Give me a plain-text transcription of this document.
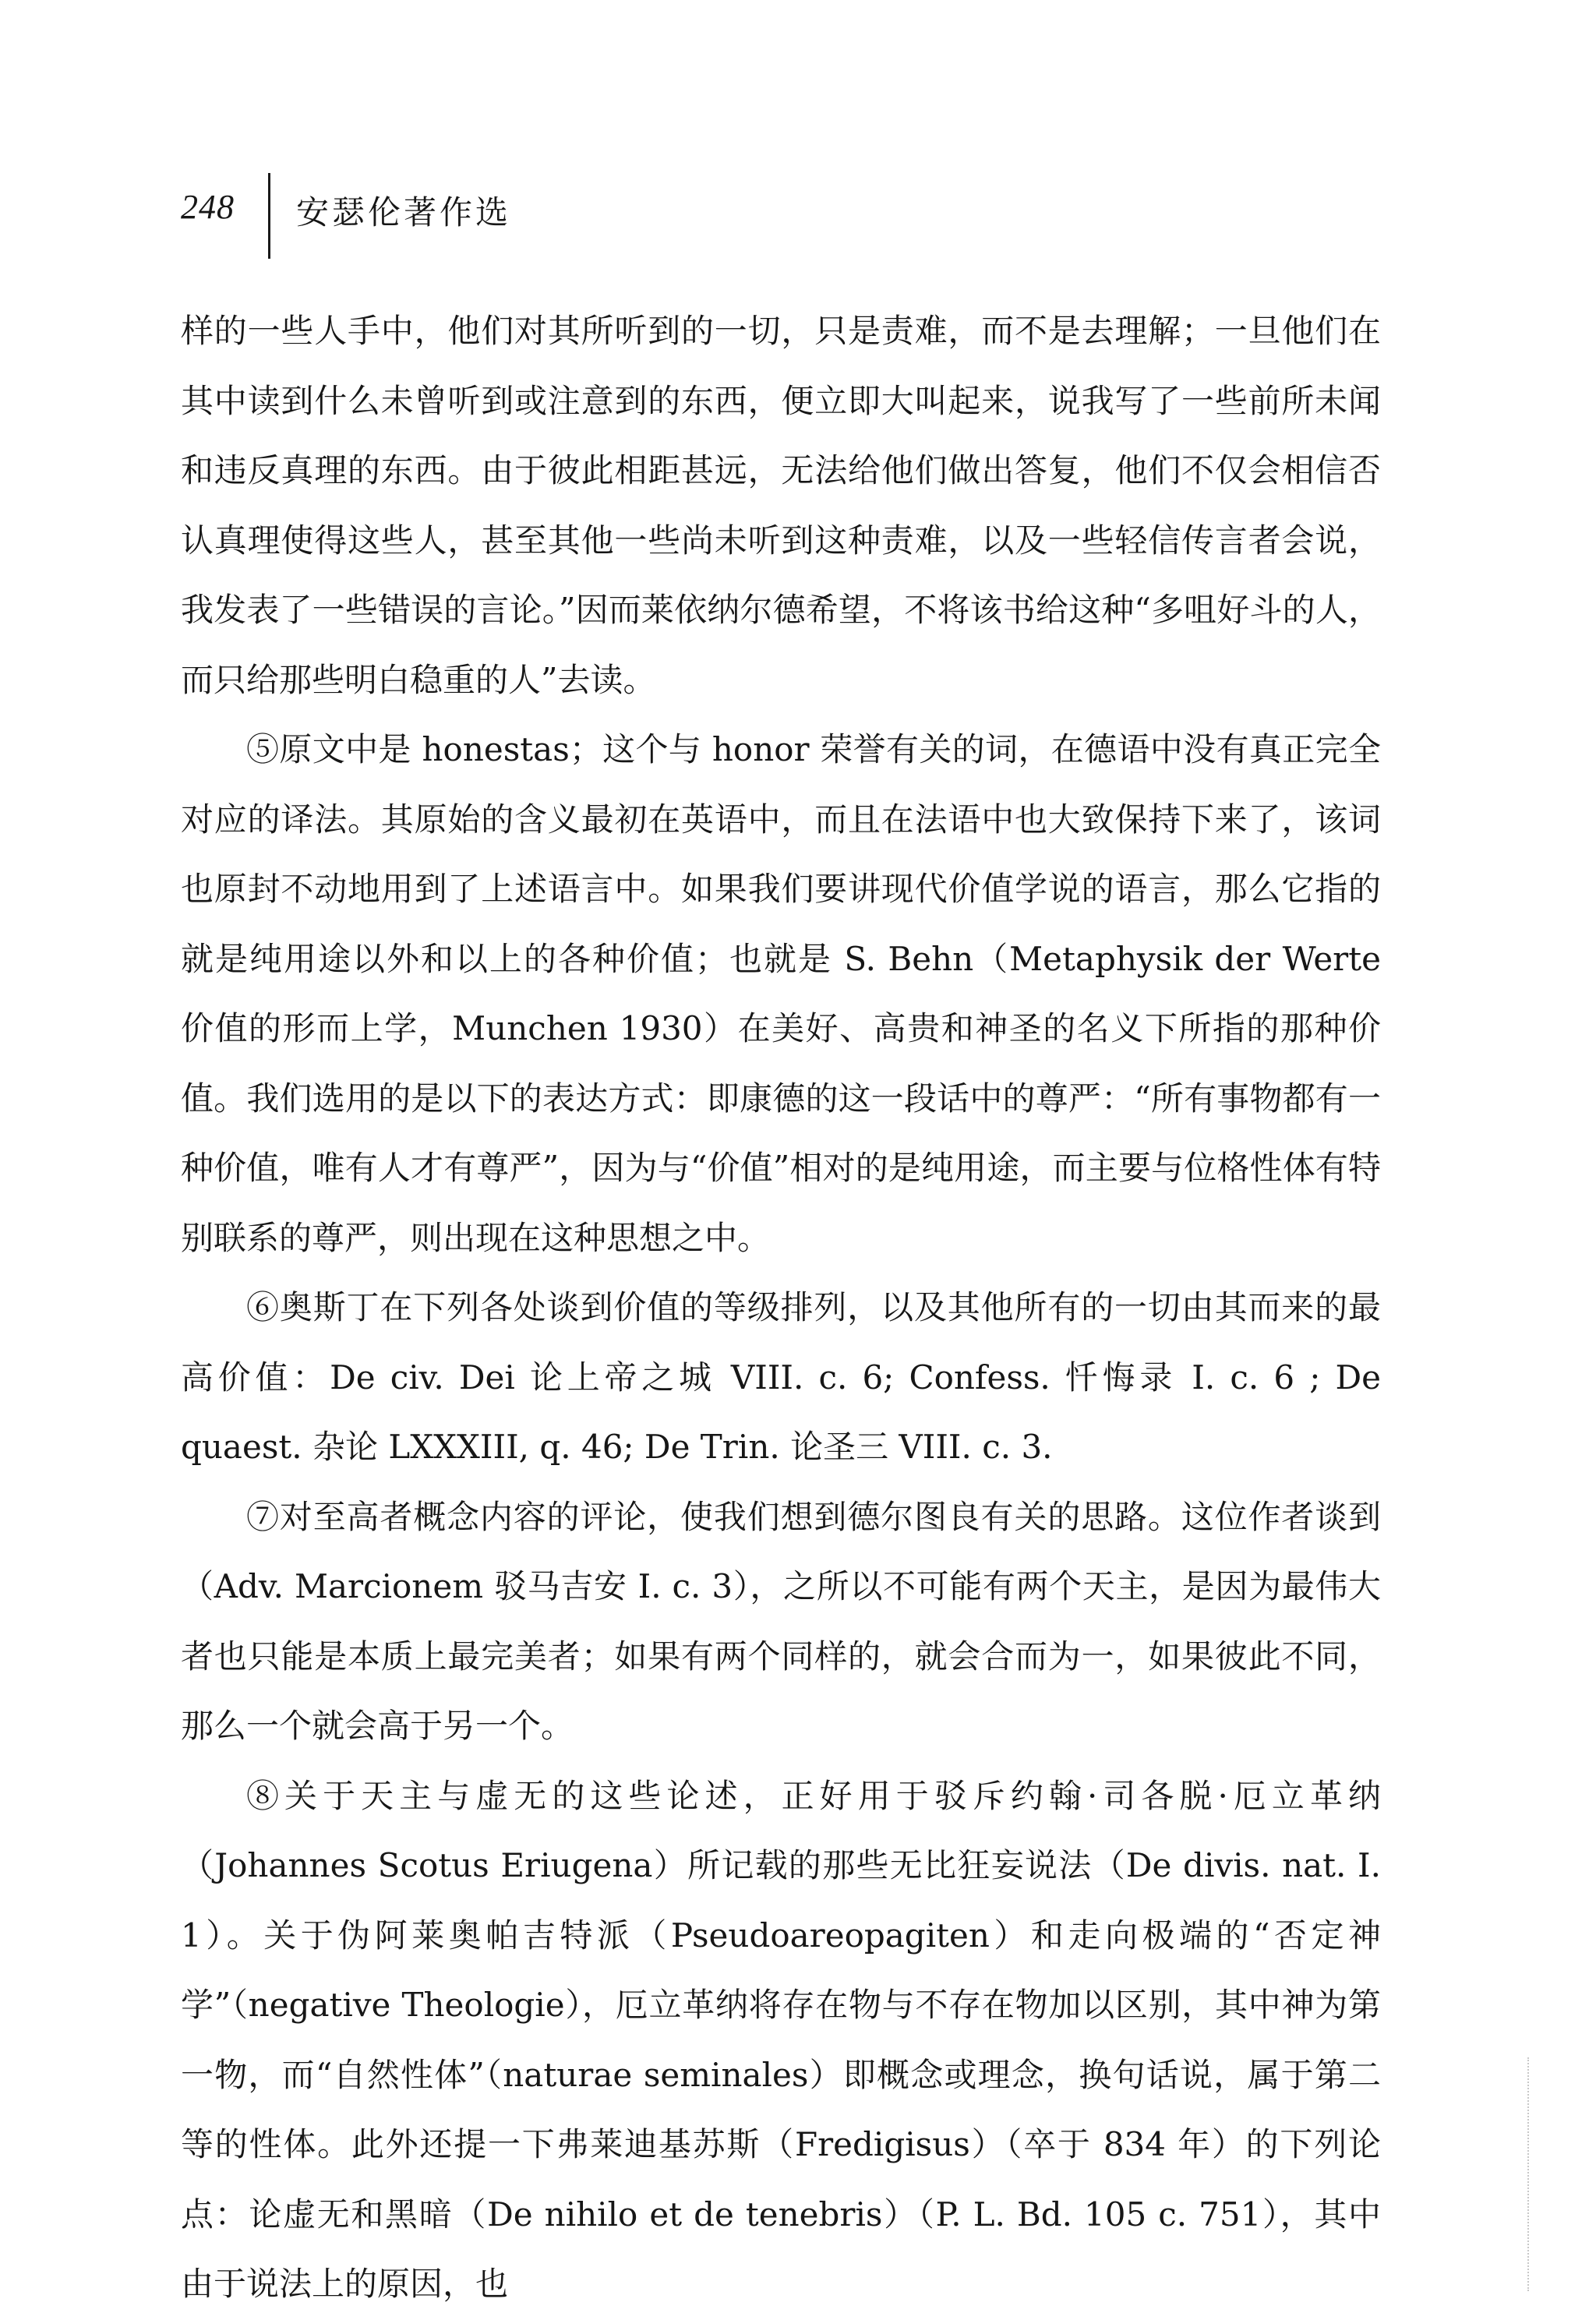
248 安瑟伦著作选

样的一些人手中，他们对其所听到的一切，只是责难，而不是去理解；一旦他们在其中读到什么未曾听到或注意到的东西，便立即大叫起来，说我写了一些前所未闻和违反真理的东西。由于彼此相距甚远，无法给他们做出答复，他们不仅会相信否认真理使得这些人，甚至其他一些尚未听到这种责难，以及一些轻信传言者会说，我发表了一些错误的言论。”因而莱依纳尔德希望，不将该书给这种“多咀好斗的人，而只给那些明白稳重的人”去读。

⑤原文中是 honestas；这个与 honor 荣誉有关的词，在德语中没有真正完全对应的译法。其原始的含义最初在英语中，而且在法语中也大致保持下来了，该词也原封不动地用到了上述语言中。如果我们要讲现代价值学说的语言，那么它指的就是纯用途以外和以上的各种价值；也就是 S. Behn（Metaphysik der Werte 价值的形而上学，Munchen 1930）在美好、高贵和神圣的名义下所指的那种价值。我们选用的是以下的表达方式：即康德的这一段话中的尊严：“所有事物都有一种价值，唯有人才有尊严”，因为与“价值”相对的是纯用途，而主要与位格性体有特别联系的尊严，则出现在这种思想之中。

⑥奥斯丁在下列各处谈到价值的等级排列，以及其他所有的一切由其而来的最高价值：De civ. Dei 论上帝之城 VIII. c. 6; Confess. 忏悔录 I. c. 6 ; De quaest. 杂论 LXXXIII, q. 46; De Trin. 论圣三 VIII. c. 3.

⑦对至高者概念内容的评论，使我们想到德尔图良有关的思路。这位作者谈到（Adv. Marcionem 驳马吉安 I. c. 3），之所以不可能有两个天主，是因为最伟大者也只能是本质上最完美者；如果有两个同样的，就会合而为一，如果彼此不同，那么一个就会高于另一个。

⑧关于天主与虚无的这些论述，正好用于驳斥约翰·司各脱·厄立革纳（Johannes Scotus Eriugena）所记载的那些无比狂妄说法（De divis. nat. I. 1）。关于伪阿莱奥帕吉特派（Pseudoareopagiten）和走向极端的“否定神学”（negative Theologie），厄立革纳将存在物与不存在物加以区别，其中神为第一物，而“自然性体”（naturae seminales）即概念或理念，换句话说，属于第二等的性体。此外还提一下弗莱迪基苏斯（Fredigisus）（卒于 834 年）的下列论点：论虚无和黑暗（De nihilo et de tenebris）（P. L. Bd. 105 c. 751），其中由于说法上的原因，也
